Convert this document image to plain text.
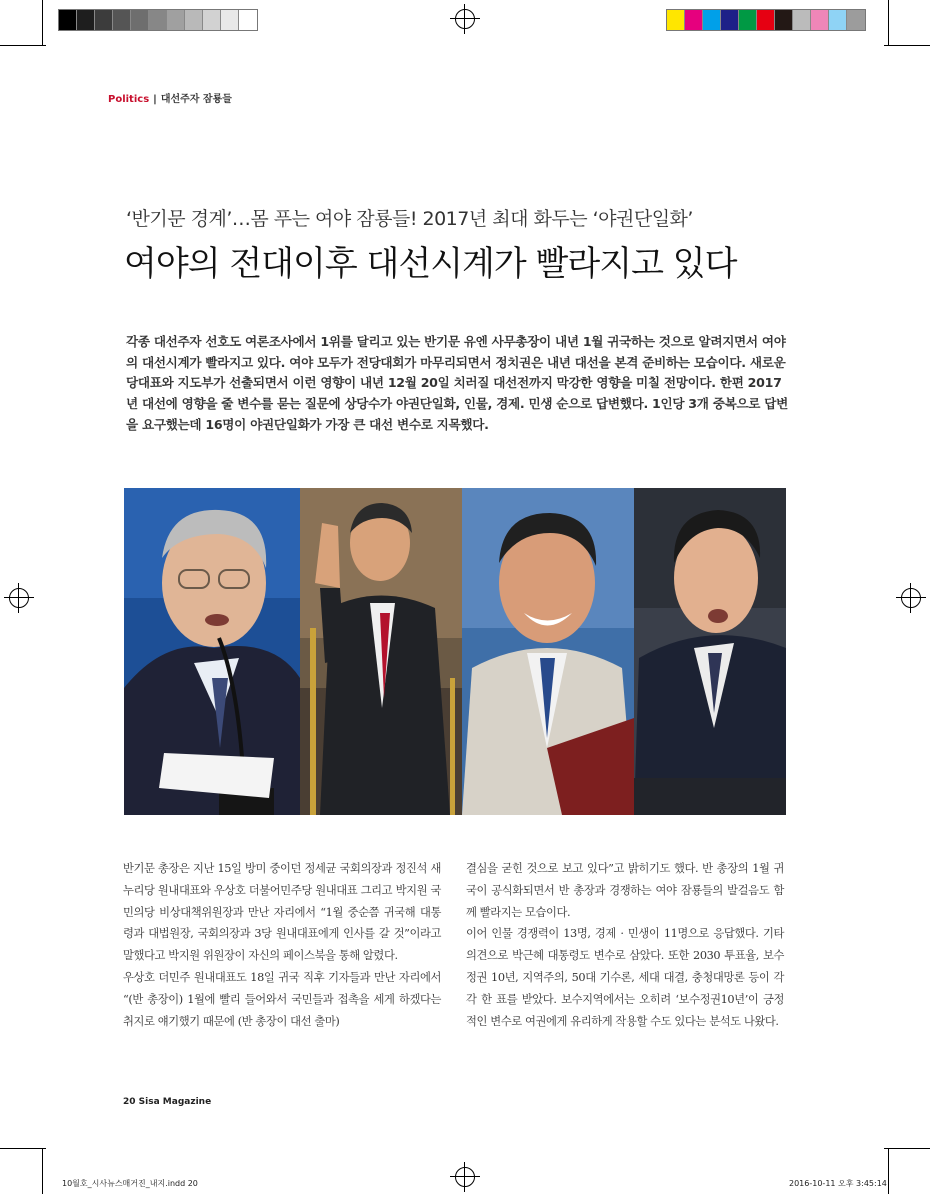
Politics | 대선주자 잠룡들
‘반기문 경계’…몸 푸는 여야 잠룡들! 2017년 최대 화두는 ‘야권단일화’
여야의 전대이후 대선시계가 빨라지고 있다
각종 대선주자 선호도 여론조사에서 1위를 달리고 있는 반기문 유엔 사무총장이 내년 1월 귀국하는 것으로 알려지면서 여야의 대선시계가 빨라지고 있다. 여야 모두가 전당대회가 마무리되면서 정치권은 내년 대선을 본격 준비하는 모습이다. 새로운 당대표와 지도부가 선출되면서 이런 영향이 내년 12월 20일 치러질 대선전까지 막강한 영향을 미칠 전망이다. 한편 2017년 대선에 영향을 줄 변수를 묻는 질문에 상당수가 야권단일화, 인물, 경제. 민생 순으로 답변했다. 1인당 3개 중복으로 답변을 요구했는데 16명이 야권단일화가 가장 큰 대선 변수로 지목했다.

반기문 총장은 지난 15일 방미 중이던 정세균 국회의장과 정진석 새누리당 원내대표와 우상호 더불어민주당 원내대표 그리고 박지원 국민의당 비상대책위원장과 만난 자리에서 “1월 중순쯤 귀국해 대통령과 대법원장, 국회의장과 3당 원내대표에게 인사를 갈 것”이라고 말했다고 박지원 위원장이 자신의 페이스북을 통해 알렸다.

우상호 더민주 원내대표도 18일 귀국 직후 기자들과 만난 자리에서 “(반 총장이) 1월에 빨리 들어와서 국민들과 접촉을 세게 하겠다는 취지로 얘기했기 때문에 (반 총장이 대선 출마)

결심을 굳힌 것으로 보고 있다”고 밝히기도 했다. 반 총장의 1월 귀국이 공식화되면서 반 총장과 경쟁하는 여야 잠룡들의 발걸음도 함께 빨라지는 모습이다.

이어 인물 경쟁력이 13명, 경제 · 민생이 11명으로 응답했다. 기타 의견으로 박근혜 대통령도 변수로 삼았다. 또한 2030 투표율, 보수정권 10년, 지역주의, 50대 기수론, 세대 대결, 충청대망론 등이 각각 한 표를 받았다. 보수지역에서는 오히려 ‘보수정권10년’이 긍정적인 변수로 여권에게 유리하게 작용할 수도 있다는 분석도 나왔다.

20 Sisa Magazine
10월호_시사뉴스매거진_내지.indd 20	2016-10-11 오후 3:45:14
